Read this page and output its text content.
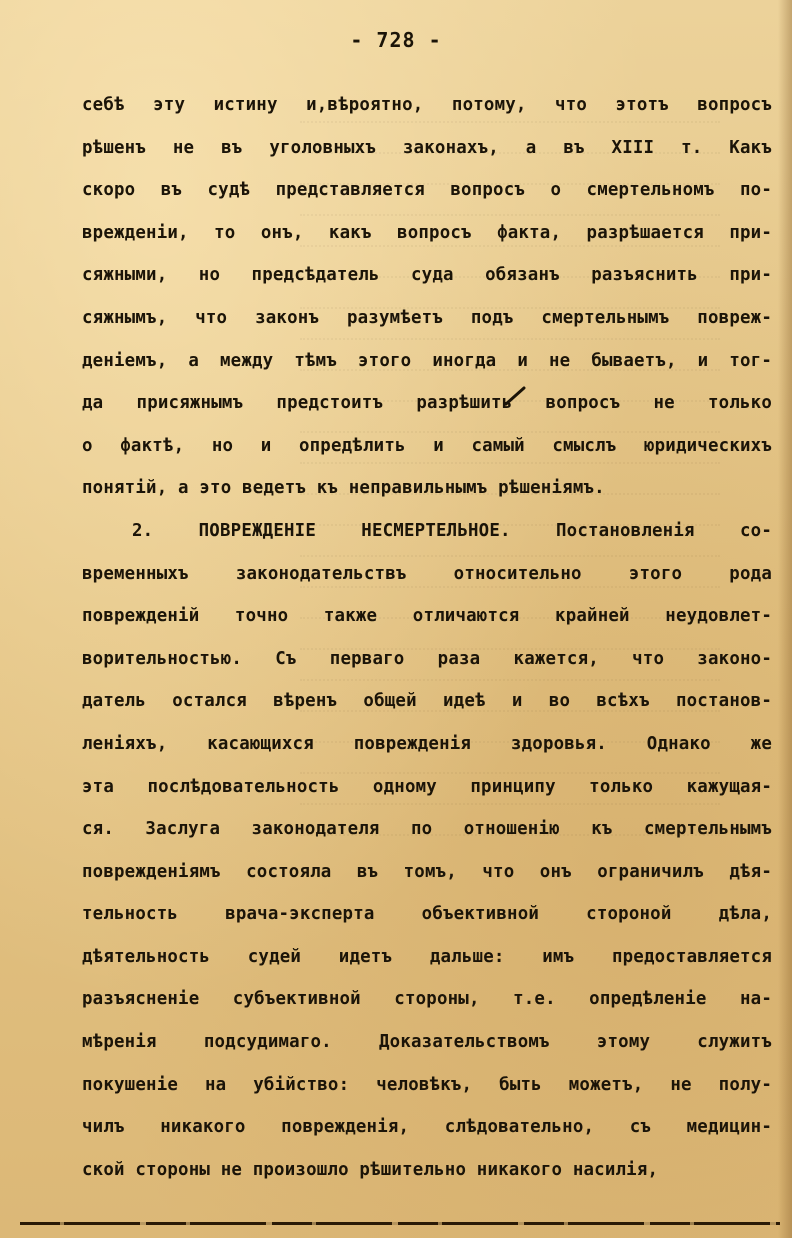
- 728 -
себѣ эту истину и,вѣроятно, потому, что этотъ вопросъ
рѣшенъ не въ уголовныхъ законахъ, а въ XIII т. Какъ
скоро въ судѣ представляется вопросъ о смертельномъ по-
врежденіи, то онъ, какъ вопросъ факта, разрѣшается при-
сяжными, но предсѣдатель суда обязанъ разъяснить при-
сяжнымъ, что законъ разумѣетъ подъ смертельнымъ повреж-
деніемъ, а между тѣмъ этого иногда и не бываетъ, и тог-
да присяжнымъ предстоитъ разрѣшить вопросъ не только
о фактѣ, но и опредѣлить и самый смыслъ юридическихъ
понятій, а это ведетъ къ неправильнымъ рѣшеніямъ.
2. ПОВРЕЖДЕНІЕ НЕСМЕРТЕЛЬНОЕ. Постановленія со-
временныхъ законодательствъ относительно этого рода
поврежденій точно также отличаются крайней неудовлет-
ворительностью. Съ перваго раза кажется, что законо-
датель остался вѣренъ общей идеѣ и во всѣхъ постанов-
леніяхъ, касающихся поврежденія здоровья. Однако же
эта послѣдовательность одному принципу только кажущая-
ся. Заслуга законодателя по отношенію къ смертельнымъ
поврежденіямъ состояла въ томъ, что онъ ограничилъ дѣя-
тельность врача-эксперта объективной стороной дѣла,
дѣятельность судей идетъ дальше: имъ предоставляется
разъясненіе субъективной стороны, т.е. опредѣленіе на-
мѣренія подсудимаго. Доказательствомъ этому служитъ
покушеніе на убійство: человѣкъ, быть можетъ, не полу-
чилъ никакого поврежденія, слѣдовательно, съ медицин-
ской стороны не произошло рѣшительно никакого насилія,
